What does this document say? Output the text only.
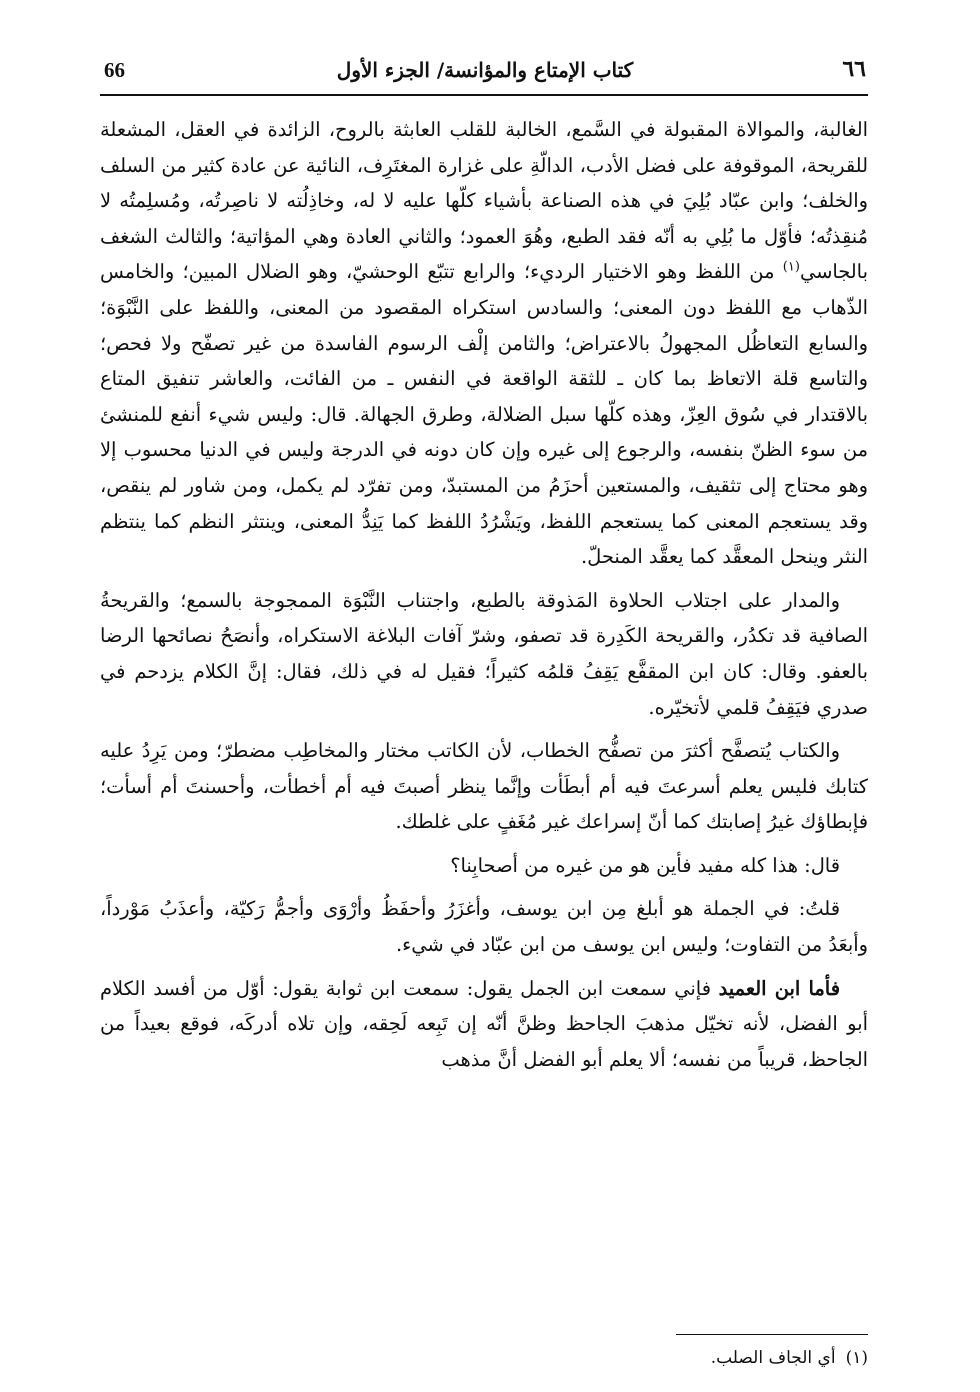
66	كتاب الإمتاع والمؤانسة/ الجزء الأول	٦٦

الغالبة، والموالاة المقبولة في السَّمع، الخالبة للقلب العابثة بالروح، الزائدة في العقل، المشعلة للقريحة، الموقوفة على فضل الأدب، الدالّةِ على غزارة المغتَرِف، النائية عن عادة كثير من السلف والخلف؛ وابن عبّاد بُلِيَ في هذه الصناعة بأشياء كلّها عليه لا له، وخاذِلُته لا ناصِرتُه، ومُسلِمتُه لا مُنقِذتُه؛ فأوّل ما بُلِي به أنّه فقد الطبع، وهُوَ العمود؛ والثاني العادة وهي المؤاتية؛ والثالث الشغف بالجاسي$^{(١)}$ من اللفظ وهو الاختيار الرديء؛ والرابع تتبّع الوحشيّ، وهو الضلال المبين؛ والخامس الذّهاب مع اللفظ دون المعنى؛ والسادس استكراه المقصود من المعنى، واللفظ على النَّبْوَة؛ والسابع التعاظُل المجهولُ بالاعتراض؛ والثامن إلْف الرسوم الفاسدة من غير تصفّح ولا فحص؛ والتاسع قلة الاتعاظ بما كان ـ للثقة الواقعة في النفس ـ من الفائت، والعاشر تنفيق المتاع بالاقتدار في سُوق العِزّ، وهذه كلّها سبل الضلالة، وطرق الجهالة. قال: وليس شيء أنفع للمنشئ من سوء الظنّ بنفسه، والرجوع إلى غيره وإن كان دونه في الدرجة وليس في الدنيا محسوب إلا وهو محتاج إلى تثقيف، والمستعين أحزَمُ من المستبدّ، ومن تفرّد لم يكمل، ومن شاور لم ينقص، وقد يستعجم المعنى كما يستعجم اللفظ، ويَشْرُدُ اللفظ كما يَنِدُّ المعنى، وينتثر النظم كما ينتظم النثر وينحل المعقَّد كما يعقَّد المنحلّ.

والمدار على اجتلاب الحلاوة المَذوقة بالطبع، واجتناب النَّبْوَة الممجوجة بالسمع؛ والقريحةُ الصافية قد تكدُر، والقريحة الكَدِرة قد تصفو، وشرّ آفات البلاغة الاستكراه، وأنصَحُ نصائحها الرضا بالعفو. وقال: كان ابن المقفَّع يَقِفُ قلمُه كثيراً؛ فقيل له في ذلك، فقال: إنَّ الكلام يزدحم في صدري فيَقِفُ قلمي لأتخيّره.

والكتاب يُتصفَّح أكثرَ من تصفُّح الخطاب، لأن الكاتب مختار والمخاطِب مضطرّ؛ ومن يَرِدُ عليه كتابك فليس يعلم أسرعتَ فيه أم أبطَأت وإنَّما ينظر أصبتَ فيه أم أخطأت، وأحسنتَ أم أسأت؛ فإبطاؤك غيرُ إصابتك كما أنّ إسراعك غير مُغَفٍ على غلطك.

قال: هذا كله مفيد فأين هو من غيره من أصحابِنا؟

قلتُ: في الجملة هو أبلغ مِن ابن يوسف، وأغزَرُ وأحفَظُ وأرْوَى وأجمُّ رَكيّة، وأعذَبُ مَوْرداً، وأبعَدُ من التفاوت؛ وليس ابن يوسف من ابن عبّاد في شيء.

فأما ابن العميد فإني سمعت ابن الجمل يقول: سمعت ابن ثوابة يقول: أوّل من أفسد الكلام أبو الفضل، لأنه تخيّل مذهبَ الجاحظ وظنَّ أنّه إن تَبِعه لَحِقه، وإن تلاه أدركَه، فوقع بعيداً من الجاحظ، قريباً من نفسه؛ ألا يعلم أبو الفضل أنَّ مذهب

(١)أي الجاف الصلب.
